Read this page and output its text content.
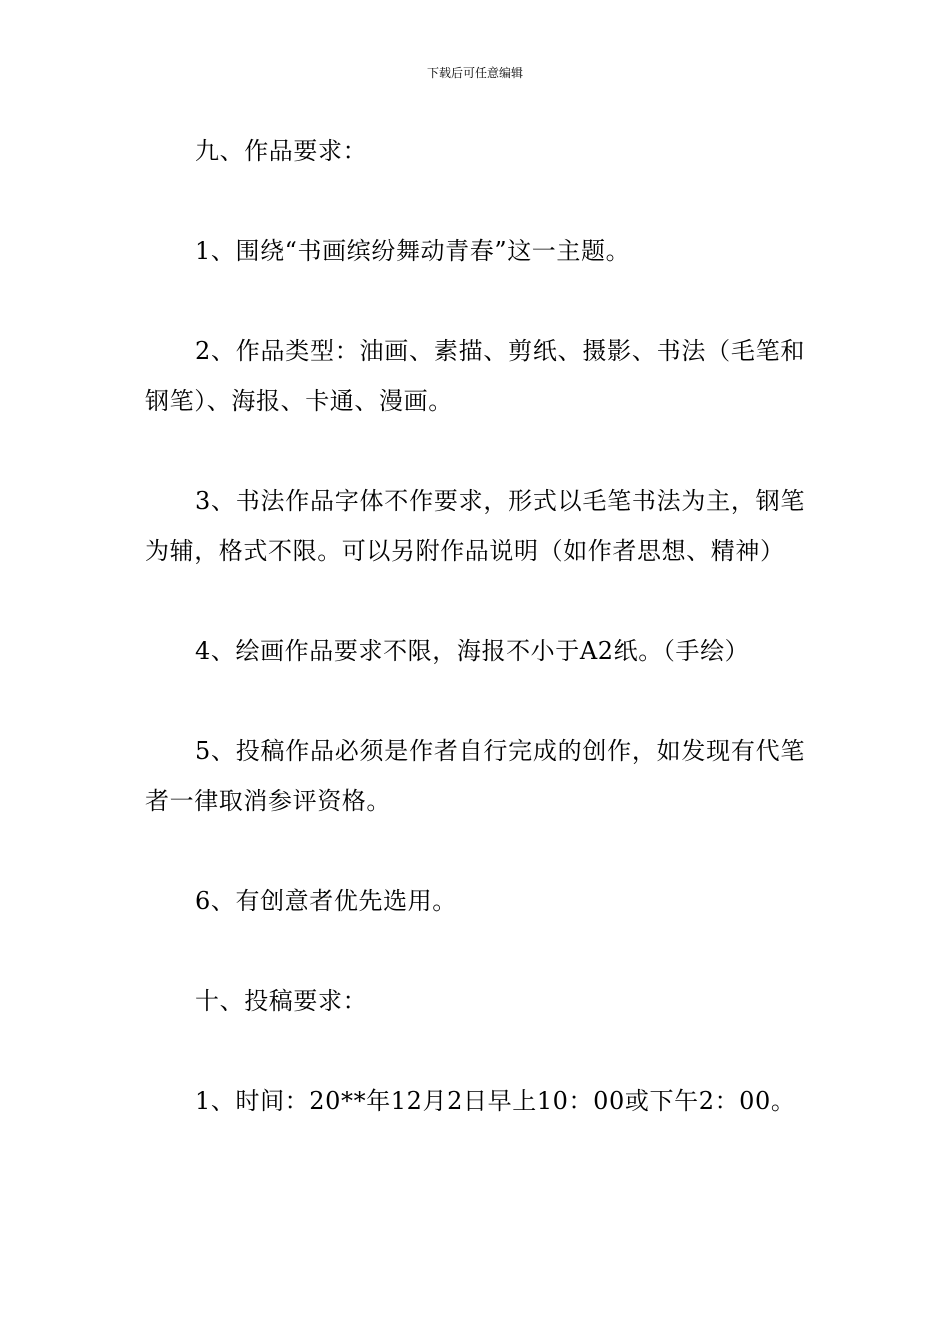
下载后可任意编辑

九、作品要求：

1、围绕“书画缤纷舞动青春”这一主题。

2、作品类型：油画、素描、剪纸、摄影、书法（毛笔和钢笔）、海报、卡通、漫画。

3、书法作品字体不作要求，形式以毛笔书法为主，钢笔为辅，格式不限。可以另附作品说明（如作者思想、精神）

4、绘画作品要求不限，海报不小于A2纸。（手绘）

5、投稿作品必须是作者自行完成的创作，如发现有代笔者一律取消参评资格。

6、有创意者优先选用。

十、投稿要求：

1、时间：20**年12月2日早上10：00或下午2：00。
